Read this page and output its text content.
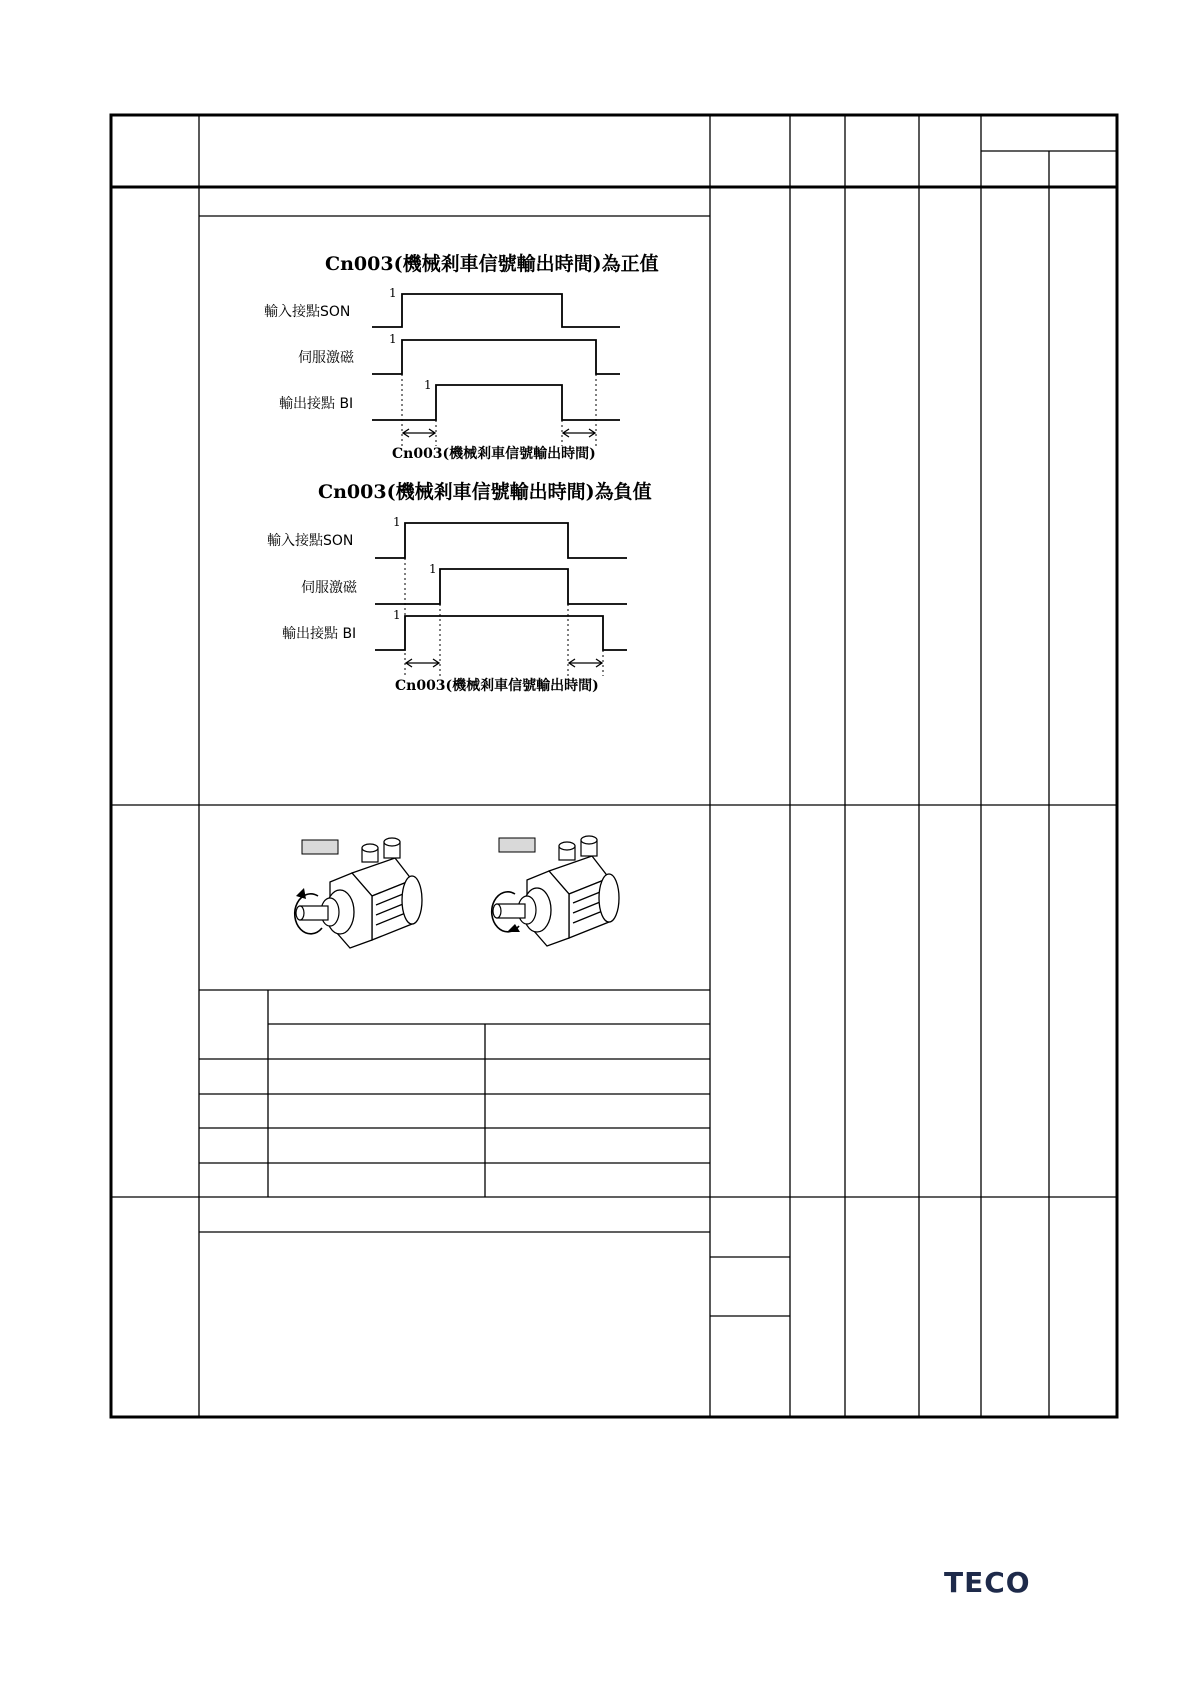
Cn003(機械剎車信號輸出時間)為正值
輸入接點SON
伺服激磁
輸出接點 BI
1
1
1
Cn003(機械剎車信號輸出時間)
Cn003(機械剎車信號輸出時間)為負值
輸入接點SON
伺服激磁
輸出接點 BI
1
1
1
Cn003(機械剎車信號輸出時間)
TECO
